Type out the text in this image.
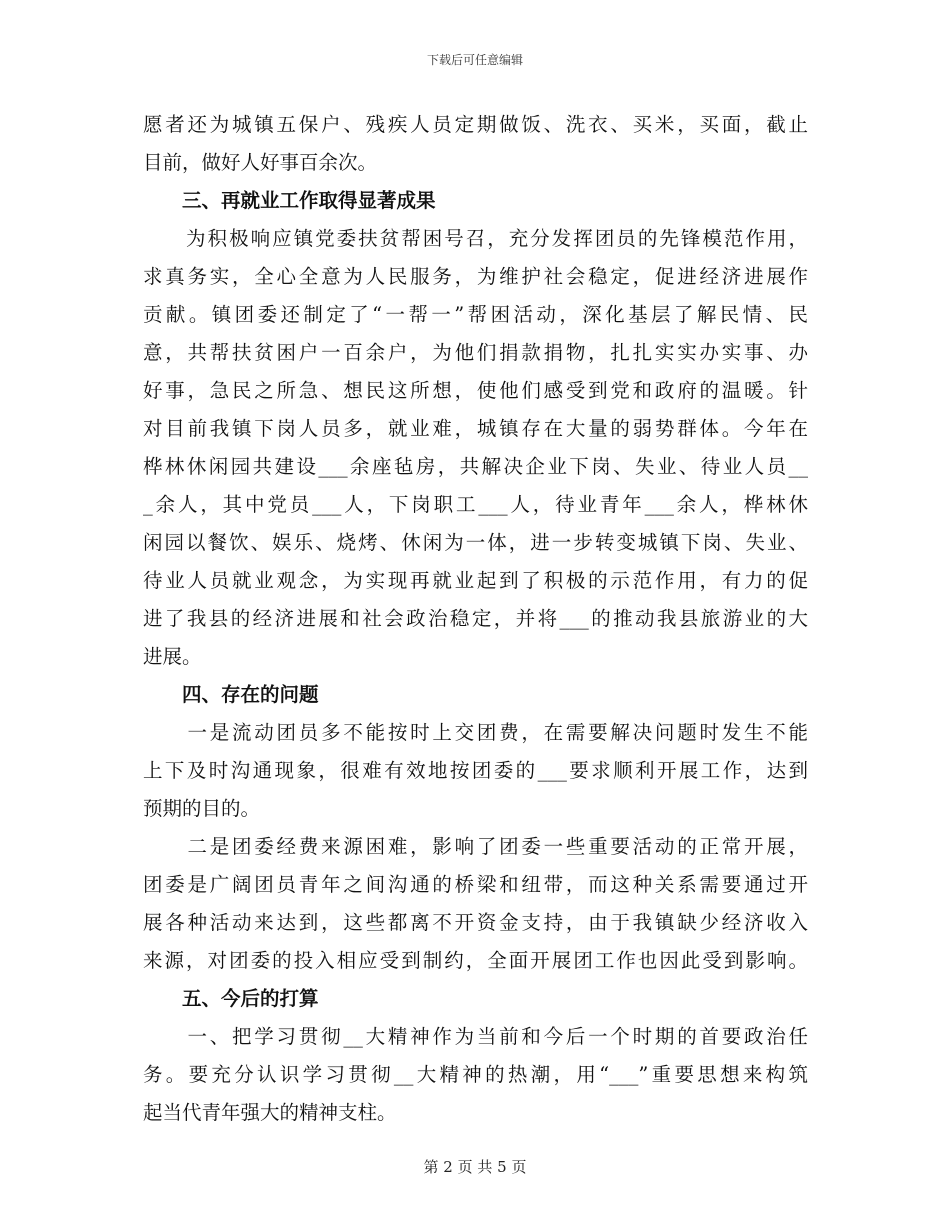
下载后可任意编辑
愿者还为城镇五保户、残疾人员定期做饭、洗衣、买米，买面，截止
目前，做好人好事百余次。
　　三、再就业工作取得显著成果
　　为积极响应镇党委扶贫帮困号召，充分发挥团员的先锋模范作用，
求真务实，全心全意为人民服务，为维护社会稳定，促进经济进展作
贡献。镇团委还制定了“一帮一”帮困活动，深化基层了解民情、民
意，共帮扶贫困户一百余户，为他们捐款捐物，扎扎实实办实事、办
好事，急民之所急、想民这所想，使他们感受到党和政府的温暖。针
对目前我镇下岗人员多，就业难，城镇存在大量的弱势群体。今年在
桦林休闲园共建设___余座毡房，共解决企业下岗、失业、待业人员__
_余人，其中党员___人，下岗职工___人，待业青年___余人，桦林休
闲园以餐饮、娱乐、烧烤、休闲为一体，进一步转变城镇下岗、失业、
待业人员就业观念，为实现再就业起到了积极的示范作用，有力的促
进了我县的经济进展和社会政治稳定，并将___的推动我县旅游业的大
进展。
　　四、存在的问题
　　一是流动团员多不能按时上交团费，在需要解决问题时发生不能
上下及时沟通现象，很难有效地按团委的___要求顺利开展工作，达到
预期的目的。
　　二是团委经费来源困难，影响了团委一些重要活动的正常开展，
团委是广阔团员青年之间沟通的桥梁和纽带，而这种关系需要通过开
展各种活动来达到，这些都离不开资金支持，由于我镇缺少经济收入
来源，对团委的投入相应受到制约，全面开展团工作也因此受到影响。
　　五、今后的打算
　　一、把学习贯彻__大精神作为当前和今后一个时期的首要政治任
务。要充分认识学习贯彻__大精神的热潮，用“___”重要思想来构筑
起当代青年强大的精神支柱。
第 2 页 共 5 页
